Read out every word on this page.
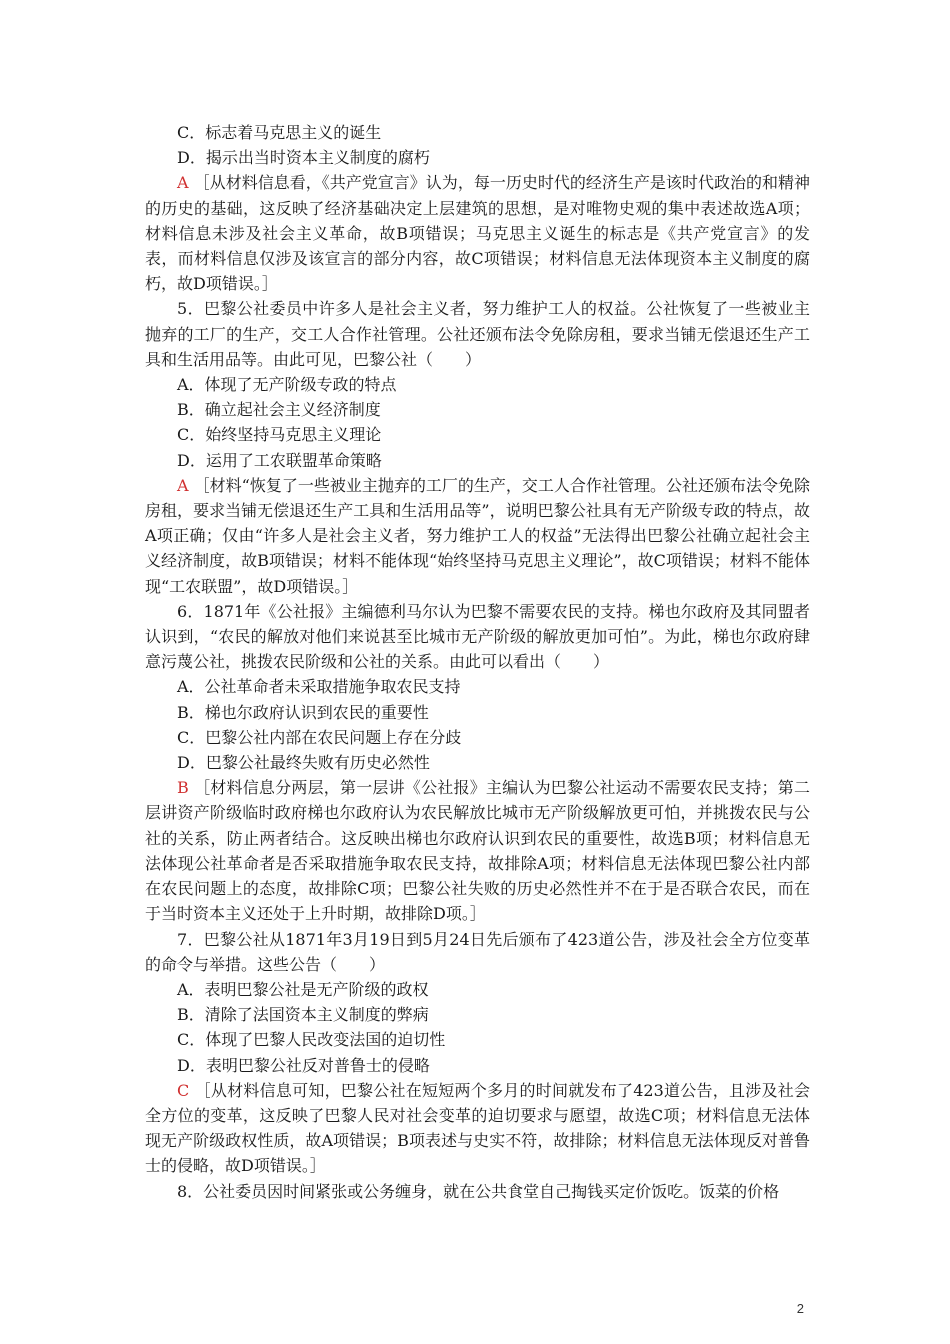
C．标志着马克思主义的诞生

D．揭示出当时资本主义制度的腐朽

A ［从材料信息看，《共产党宣言》认为，每一历史时代的经济生产是该时代政治的和精神的历史的基础，这反映了经济基础决定上层建筑的思想，是对唯物史观的集中表述故选A项；材料信息未涉及社会主义革命，故B项错误；马克思主义诞生的标志是《共产党宣言》的发表，而材料信息仅涉及该宣言的部分内容，故C项错误；材料信息无法体现资本主义制度的腐朽，故D项错误。］

5．巴黎公社委员中许多人是社会主义者，努力维护工人的权益。公社恢复了一些被业主抛弃的工厂的生产，交工人合作社管理。公社还颁布法令免除房租，要求当铺无偿退还生产工具和生活用品等。由此可见，巴黎公社（　　）

A．体现了无产阶级专政的特点

B．确立起社会主义经济制度

C．始终坚持马克思主义理论

D．运用了工农联盟革命策略

A ［材料“恢复了一些被业主抛弃的工厂的生产，交工人合作社管理。公社还颁布法令免除房租，要求当铺无偿退还生产工具和生活用品等”，说明巴黎公社具有无产阶级专政的特点，故A项正确；仅由“许多人是社会主义者，努力维护工人的权益”无法得出巴黎公社确立起社会主义经济制度，故B项错误；材料不能体现“始终坚持马克思主义理论”，故C项错误；材料不能体现“工农联盟”，故D项错误。］

6．1871年《公社报》主编德利马尔认为巴黎不需要农民的支持。梯也尔政府及其同盟者认识到，“农民的解放对他们来说甚至比城市无产阶级的解放更加可怕”。为此，梯也尔政府肆意污蔑公社，挑拨农民阶级和公社的关系。由此可以看出（　　）

A．公社革命者未采取措施争取农民支持

B．梯也尔政府认识到农民的重要性

C．巴黎公社内部在农民问题上存在分歧

D．巴黎公社最终失败有历史必然性

B ［材料信息分两层，第一层讲《公社报》主编认为巴黎公社运动不需要农民支持；第二层讲资产阶级临时政府梯也尔政府认为农民解放比城市无产阶级解放更可怕，并挑拨农民与公社的关系，防止两者结合。这反映出梯也尔政府认识到农民的重要性，故选B项；材料信息无法体现公社革命者是否采取措施争取农民支持，故排除A项；材料信息无法体现巴黎公社内部在农民问题上的态度，故排除C项；巴黎公社失败的历史必然性并不在于是否联合农民，而在于当时资本主义还处于上升时期，故排除D项。］

7．巴黎公社从1871年3月19日到5月24日先后颁布了423道公告，涉及社会全方位变革的命令与举措。这些公告（　　）

A．表明巴黎公社是无产阶级的政权

B．清除了法国资本主义制度的弊病

C．体现了巴黎人民改变法国的迫切性

D．表明巴黎公社反对普鲁士的侵略

C ［从材料信息可知，巴黎公社在短短两个多月的时间就发布了423道公告，且涉及社会全方位的变革，这反映了巴黎人民对社会变革的迫切要求与愿望，故选C项；材料信息无法体现无产阶级政权性质，故A项错误；B项表述与史实不符，故排除；材料信息无法体现反对普鲁士的侵略，故D项错误。］

8．公社委员因时间紧张或公务缠身，就在公共食堂自己掏钱买定价饭吃。饭菜的价格

2
